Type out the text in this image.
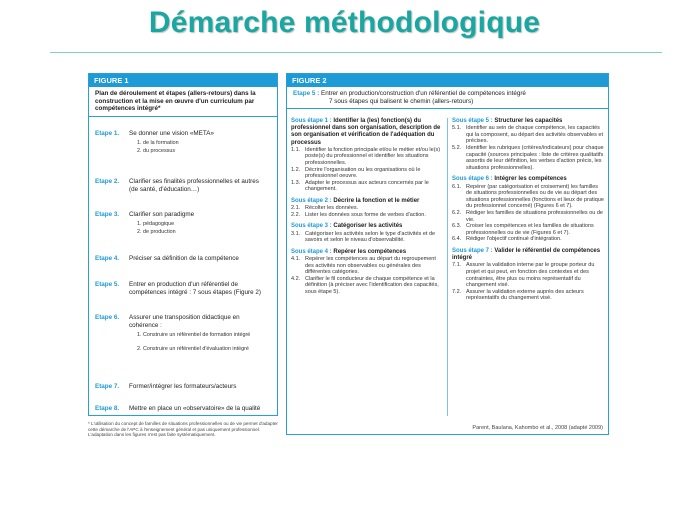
Démarche méthodologique
FIGURE 1
Plan de déroulement et étapes (allers-retours) dans la construction et la mise en œuvre d'un curriculum par compétences intégré*
Etape 1. Se donner une vision «META»
1. de la formation
2. du processus
Etape 2. Clarifier ses finalités professionnelles et autres (de santé, d'éducation…)
Etape 3. Clarifier son paradigme
1. pédagogique
2. de production
Etape 4. Préciser sa définition de la compétence
Etape 5. Entrer en production d'un référentiel de compétences intégré : 7 sous étapes (Figure 2)
Etape 6. Assurer une transposition didactique en cohérence :
1. Construire un référentiel de formation intégré
2. Construire un référentiel d'évaluation intégré
Etape 7. Former/intégrer les formateurs/acteurs
Etape 8. Mettre en place un «observatoire» de la qualité
* L'utilisation du concept de familles de situations professionnelles ou de vie permet d'adapter cette démarche de l'APC à l'enseignement général et pas uniquement professionnel. L'adaptation dans les figures n'est pas faite systématiquement.
FIGURE 2
Etape 5 : Entrer en production/construction d'un référentiel de compétences intégré
7 sous étapes qui balisent le chemin (allers-retours)
Sous étape 1 : Identifier la (les) fonction(s) du professionnel dans son organisation, description de son organisation et vérification de l'adéquation du processus
1.1. Identifier la fonction principale et/ou le métier et/ou le(s) poste(s) du professionnel et identifier les situations professionnelles.
1.2. Décrire l'organisation ou les organisations où le professionnel oeuvre.
1.3. Adapter le processus aux acteurs concernés par le changement.
Sous étape 2 : Décrire la fonction et le métier
2.1. Récolter les données.
2.2. Lister les données sous forme de verbes d'action.
Sous étape 3 : Catégoriser les activités
3.1. Catégoriser les activités selon le type d'activités et de savoirs et selon le niveau d'observabilité.
Sous étape 4 : Repérer les compétences
4.1. Repérer les compétences au départ du regroupement des activités non observables ou générales des différentes catégories.
4.2. Clarifier le fil conducteur de chaque compétence et la définition (à préciser avec l'identification des capacités, sous étape 5).
Sous étape 5 : Structurer les capacités
5.1. Identifier au sein de chaque compétence, les capacités qui la composent, au départ des activités observables et précises.
5.2. Identifier les rubriques (critères/indicateurs) pour chaque capacité (sources principales : liste de critères qualitatifs assortis de leur définition, les verbes d'action précis, les situations professionnelles).
Sous étape 6 : Intégrer les compétences
6.1. Repérer (par catégorisation et croisement) les familles de situations professionnelles ou de vie au départ des situations professionnelles (fonctions et lieux de pratique du professionnel concerné) (Figures 6 et 7).
6.2. Rédiger les familles de situations professionnelles ou de vie.
6.3. Croiser les compétences et les familles de situations professionnelles ou de vie (Figures 6 et 7).
6.4. Rédiger l'objectif continué d'intégration.
Sous étape 7 : Valider le référentiel de compétences intégré
7.1. Assurer la validation interne par le groupe porteur du projet et qui peut, en fonction des contextes et des contraintes, être plus ou moins représentatif du changement visé.
7.2. Assurer la validation externe auprès des acteurs représentatifs du changement visé.
Parent, Baulana, Kahombo et al., 2008 (adapté 2009)
